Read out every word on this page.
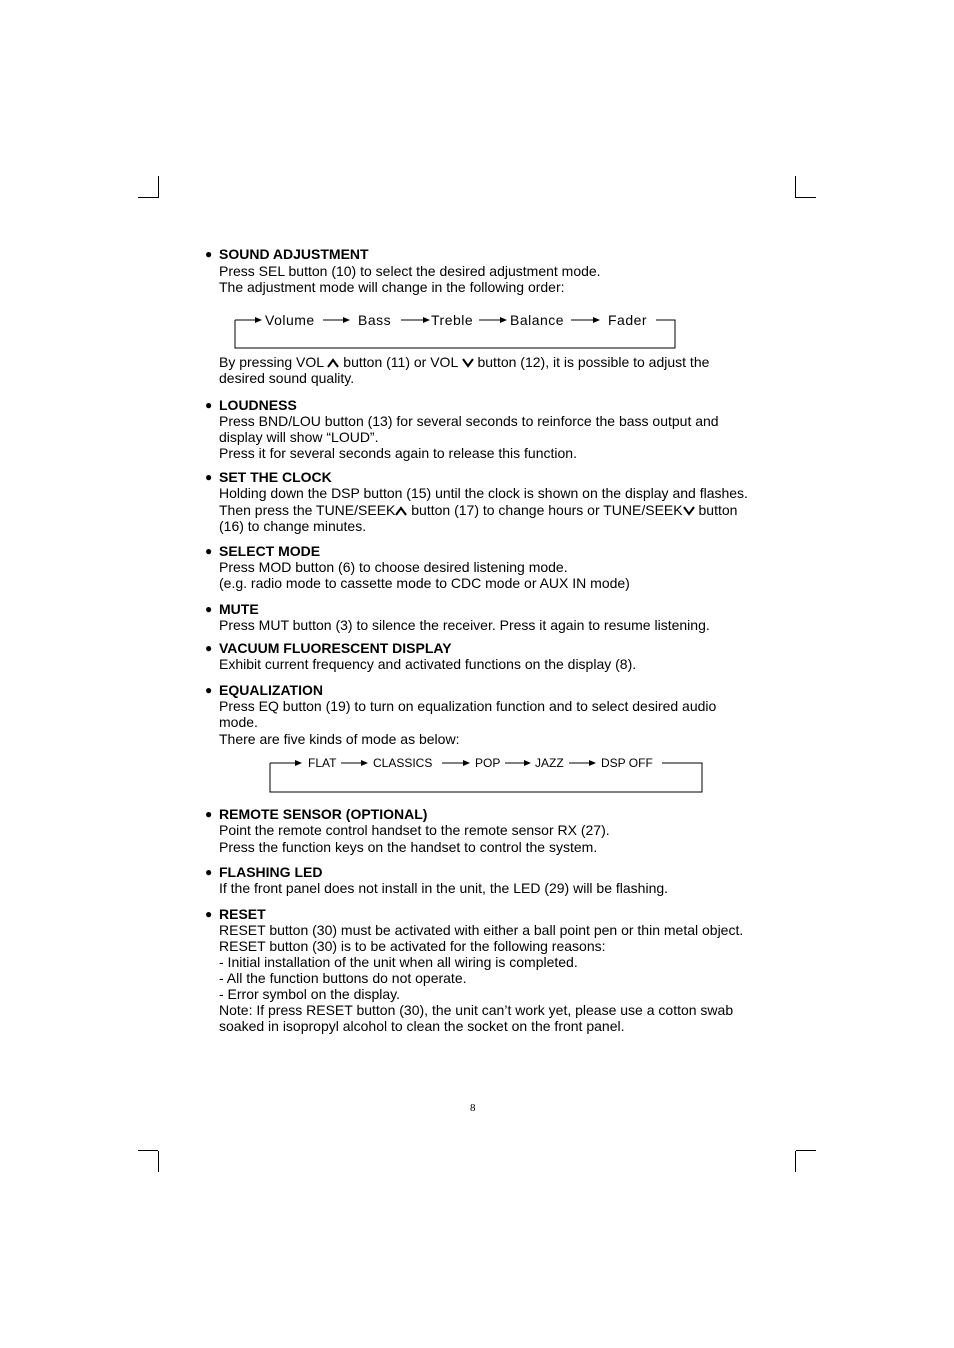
● SOUND ADJUSTMENT
Press SEL button (10) to select the desired adjustment mode.
The adjustment mode will change in the following order:
Volume	Bass	Treble	Balance	Fader
By pressing VOL  button (11) or VOL  button (12), it is possible to adjust the
desired sound quality.
● LOUDNESS
Press BND/LOU button (13) for several seconds to reinforce the bass output and
display will show “LOUD”.
Press it for several seconds again to release this function.
● SET THE CLOCK
Holding down the DSP button (15) until the clock is shown on the display and flashes.
Then press the TUNE/SEEK button (17) to change hours or TUNE/SEEK button
(16) to change minutes.
● SELECT MODE
Press MOD button (6) to choose desired listening mode.
(e.g. radio mode to cassette mode to CDC mode or AUX IN mode)
● MUTE
Press MUT button (3) to silence the receiver. Press it again to resume listening.
● VACUUM FLUORESCENT DISPLAY
Exhibit current frequency and activated functions on the display (8).
● EQUALIZATION
Press EQ button (19) to turn on equalization function and to select desired audio
mode.
There are five kinds of mode as below:
FLAT	CLASSICS	POP	JAZZ	DSP OFF
● REMOTE SENSOR (OPTIONAL)
Point the remote control handset to the remote sensor RX (27).
Press the function keys on the handset to control the system.
● FLASHING LED
If the front panel does not install in the unit, the LED (29) will be flashing.
● RESET
RESET button (30) must be activated with either a ball point pen or thin metal object.
RESET button (30) is to be activated for the following reasons:
- Initial installation of the unit when all wiring is completed.
- All the function buttons do not operate.
- Error symbol on the display.
Note: If press RESET button (30), the unit can’t work yet, please use a cotton swab
soaked in isopropyl alcohol to clean the socket on the front panel.
8
